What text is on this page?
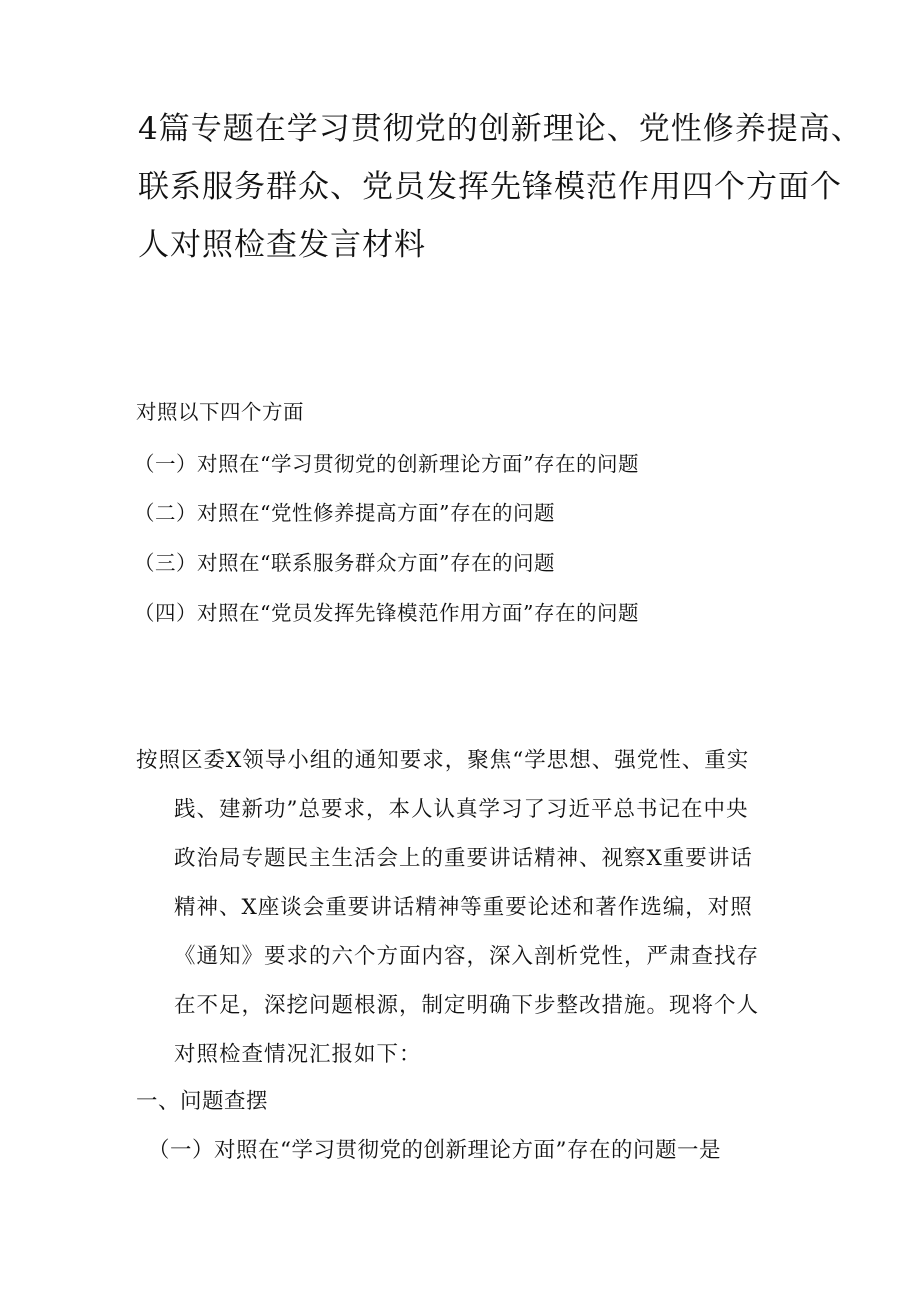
4篇专题在学习贯彻党的创新理论、党性修养提高、
联系服务群众、党员发挥先锋模范作用四个方面个
人对照检查发言材料
对照以下四个方面
（一）对照在“学习贯彻党的创新理论方面”存在的问题
（二）对照在“党性修养提高方面”存在的问题
（三）对照在“联系服务群众方面”存在的问题
（四）对照在“党员发挥先锋模范作用方面”存在的问题
按照区委X领导小组的通知要求，聚焦“学思想、强党性、重实
践、建新功”总要求，本人认真学习了习近平总书记在中央
政治局专题民主生活会上的重要讲话精神、视察X重要讲话
精神、X座谈会重要讲话精神等重要论述和著作选编，对照
《通知》要求的六个方面内容，深入剖析党性，严肃查找存
在不足，深挖问题根源，制定明确下步整改措施。现将个人
对照检查情况汇报如下：
一、问题查摆
（一）对照在“学习贯彻党的创新理论方面”存在的问题一是
